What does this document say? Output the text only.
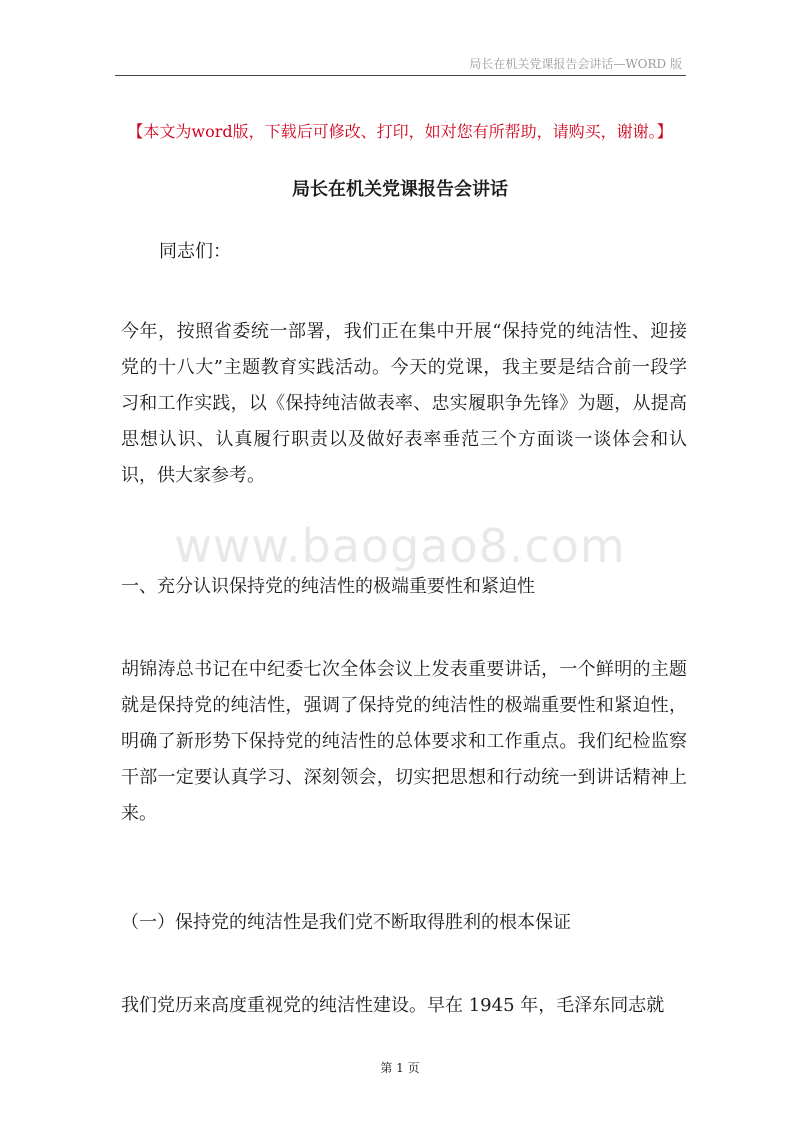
局长在机关党课报告会讲话—WORD 版
【本文为word版，下载后可修改、打印，如对您有所帮助，请购买，谢谢。】
局长在机关党课报告会讲话
同志们：
今年，按照省委统一部署，我们正在集中开展“保持党的纯洁性、迎接党的十八大”主题教育实践活动。今天的党课，我主要是结合前一段学习和工作实践，以《保持纯洁做表率、忠实履职争先锋》为题，从提高思想认识、认真履行职责以及做好表率垂范三个方面谈一谈体会和认识，供大家参考。
www.baogao8.com
一、充分认识保持党的纯洁性的极端重要性和紧迫性
胡锦涛总书记在中纪委七次全体会议上发表重要讲话，一个鲜明的主题就是保持党的纯洁性，强调了保持党的纯洁性的极端重要性和紧迫性，明确了新形势下保持党的纯洁性的总体要求和工作重点。我们纪检监察干部一定要认真学习、深刻领会，切实把思想和行动统一到讲话精神上来。
（一）保持党的纯洁性是我们党不断取得胜利的根本保证
我们党历来高度重视党的纯洁性建设。早在 1945 年，毛泽东同志就
第 1 页
